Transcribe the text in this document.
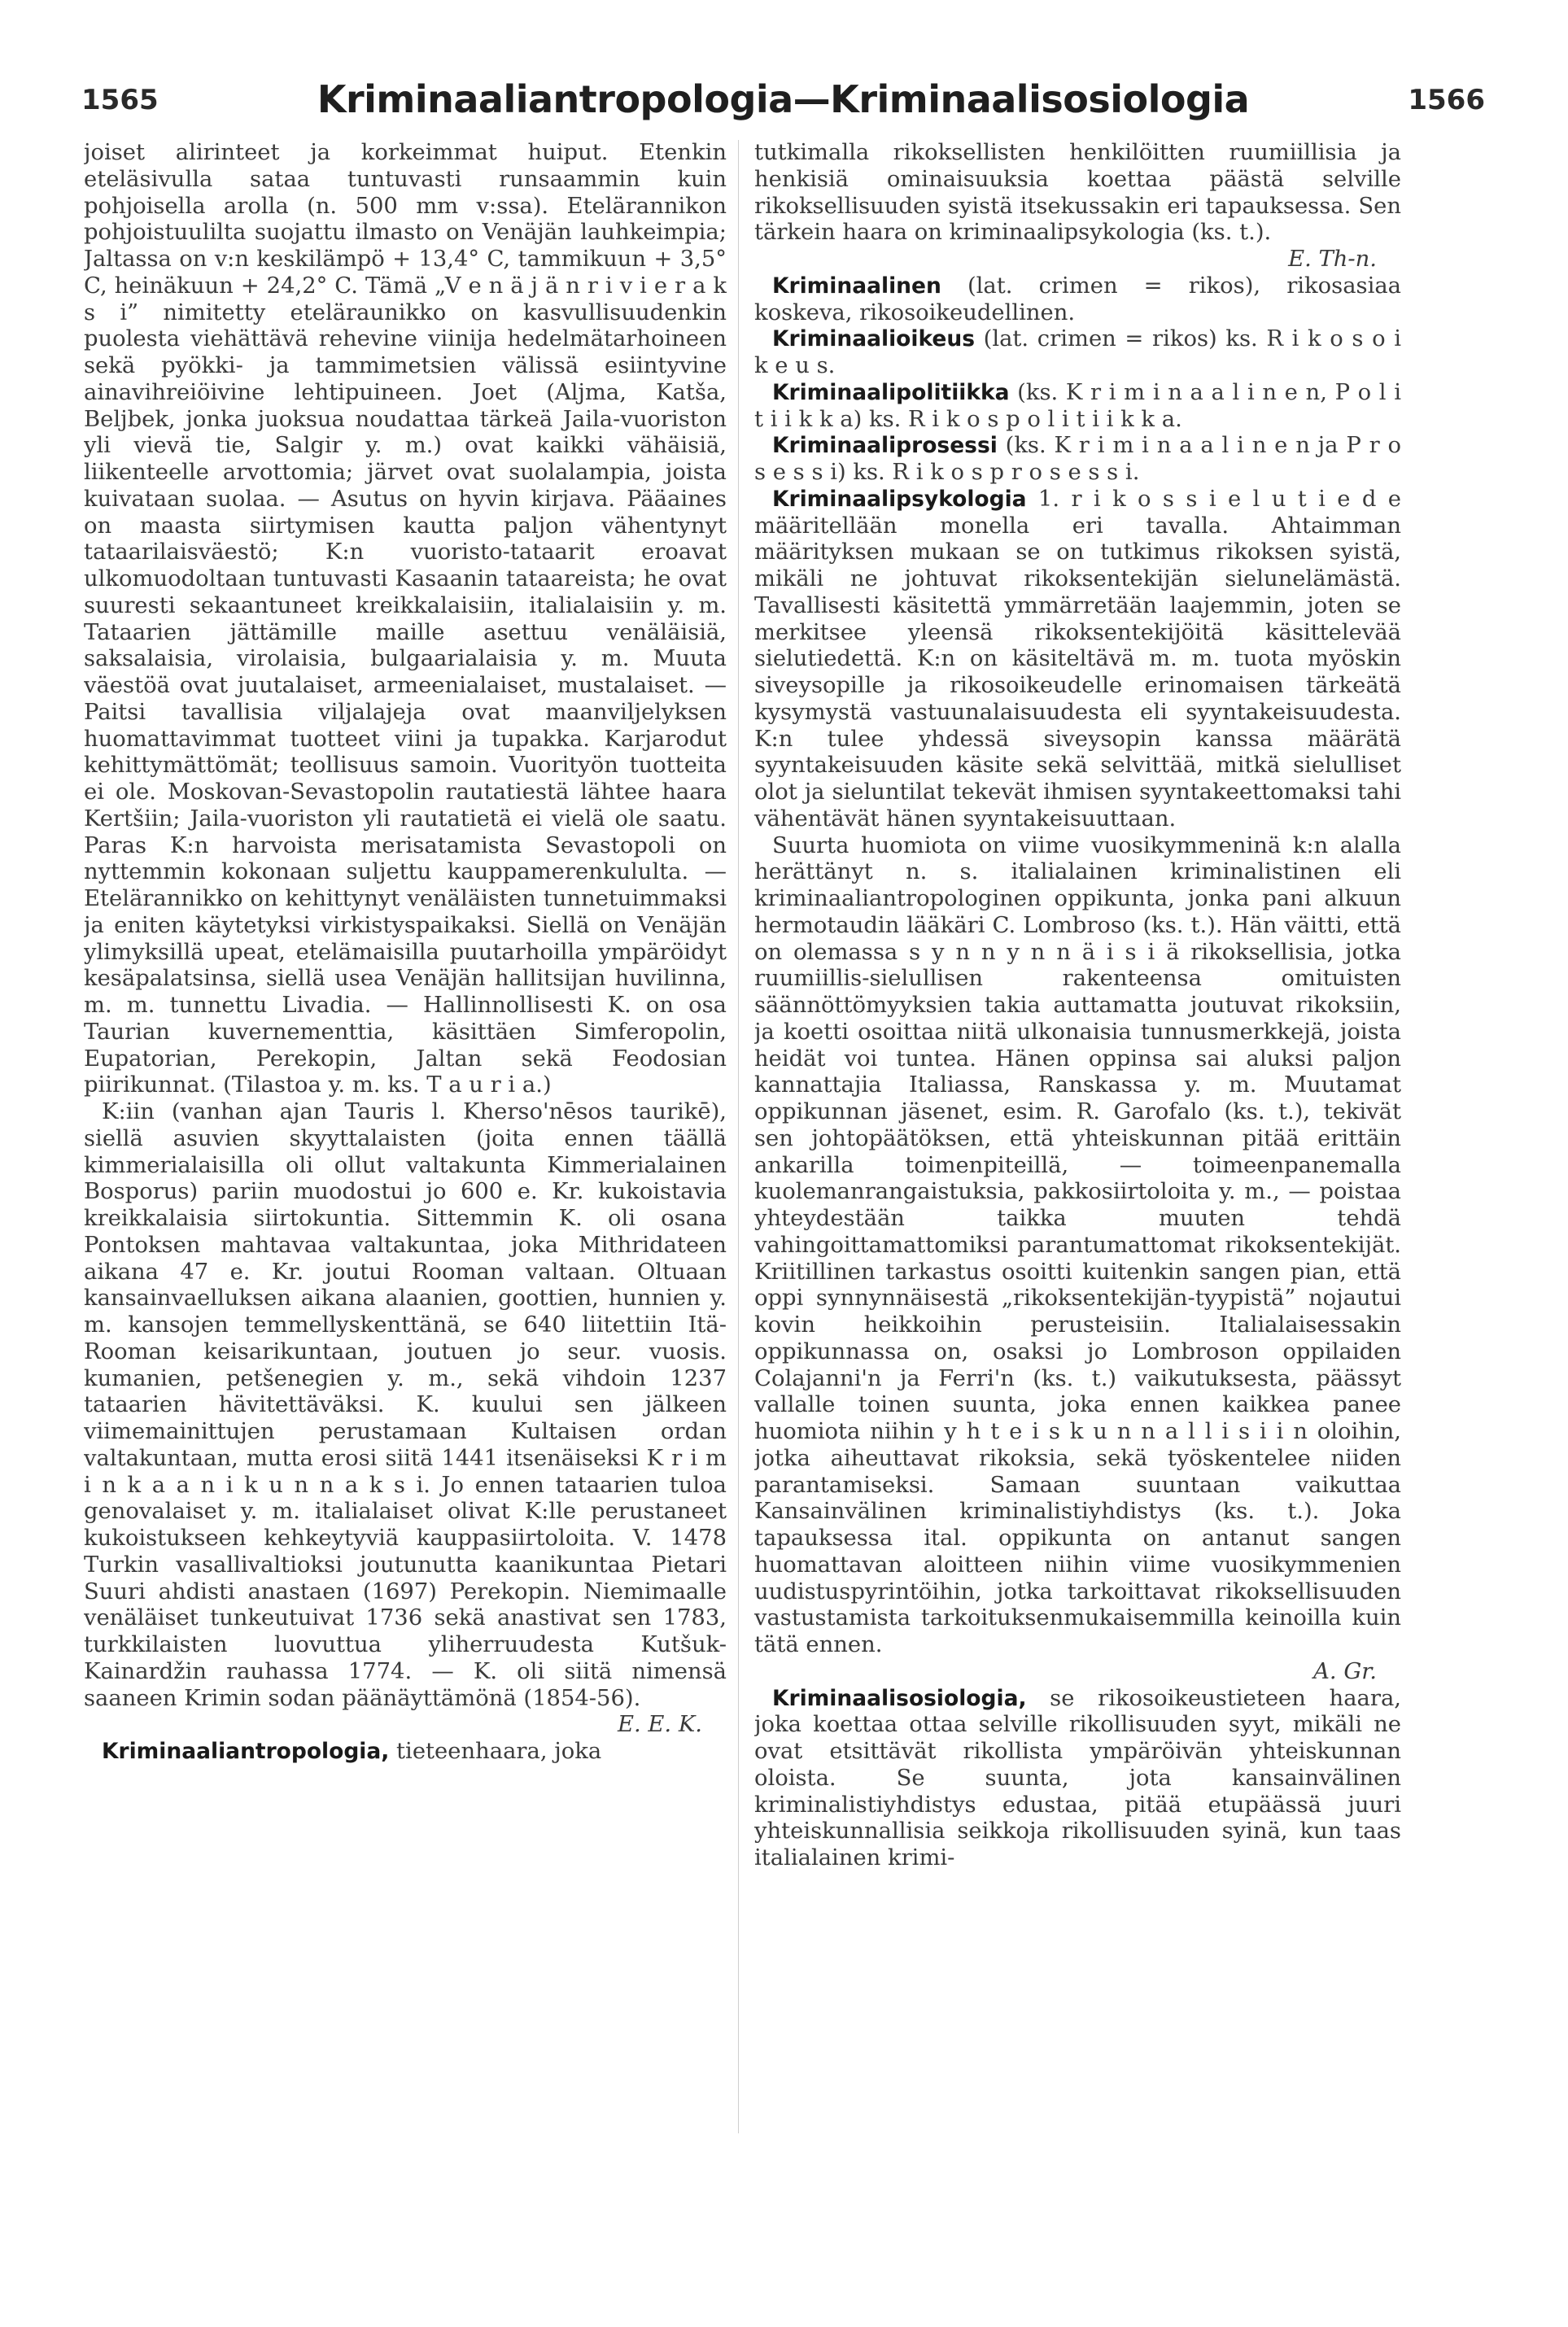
1565	Kriminaaliantropologia—Kriminaalisosiologia	1566

joiset alirinteet ja korkeimmat huiput. Etenkin eteläsivulla sataa tuntuvasti runsaammin kuin pohjoisella arolla (n. 500 mm v:ssa). Etelärannikon pohjoistuulilta suojattu ilmasto on Venäjän lauhkeimpia; Jaltassa on v:n keskilämpö + 13,4° C, tammikuun + 3,5° C, heinäkuun + 24,2° C. Tämä „V e n ä j ä n r i v i e r a k s i” nimitetty eteläraunikko on kasvullisuudenkin puolesta viehättävä rehevine viinija hedelmätarhoineen sekä pyökki- ja tammimetsien välissä esiintyvine ainavihreiöivine lehtipuineen. Joet (Aljma, Katša, Beljbek, jonka juoksua noudattaa tärkeä Jaila-vuoriston yli vievä tie, Salgir y. m.) ovat kaikki vähäisiä, liikenteelle arvottomia; järvet ovat suolalampia, joista kuivataan suolaa. — Asutus on hyvin kirjava. Pääaines on maasta siirtymisen kautta paljon vähentynyt tataarilaisväestö; K:n vuoristo-tataarit eroavat ulkomuodoltaan tuntuvasti Kasaanin tataareista; he ovat suuresti sekaantuneet kreikkalaisiin, italialaisiin y. m. Tataarien jättämille maille asettuu venäläisiä, saksalaisia, virolaisia, bulgaarialaisia y. m. Muuta väestöä ovat juutalaiset, armeenialaiset, mustalaiset. — Paitsi tavallisia viljalajeja ovat maanviljelyksen huomattavimmat tuotteet viini ja tupakka. Karjarodut kehittymättömät; teollisuus samoin. Vuorityön tuotteita ei ole. Moskovan-Sevastopolin rautatiestä lähtee haara Kertšiin; Jaila-vuoriston yli rautatietä ei vielä ole saatu. Paras K:n harvoista merisatamista Sevastopoli on nyttemmin kokonaan suljettu kauppamerenkululta. — Etelärannikko on kehittynyt venäläisten tunnetuimmaksi ja eniten käytetyksi virkistyspaikaksi. Siellä on Venäjän ylimyksillä upeat, etelämaisilla puutarhoilla ympäröidyt kesäpalatsinsa, siellä usea Venäjän hallitsijan huvilinna, m. m. tunnettu Livadia. — Hallinnollisesti K. on osa Taurian kuvernementtia, käsittäen Simferopolin, Eupatorian, Perekopin, Jaltan sekä Feodosian piirikunnat. (Tilastoa y. m. ks. T a u r i a.)

K:iin (vanhan ajan Tauris l. Kherso'nēsos taurikē), siellä asuvien skyyttalaisten (joita ennen täällä kimmerialaisilla oli ollut valtakunta Kimmerialainen Bosporus) pariin muodostui jo 600 e. Kr. kukoistavia kreikkalaisia siirtokuntia. Sittemmin K. oli osana Pontoksen mahtavaa valtakuntaa, joka Mithridateen aikana 47 e. Kr. joutui Rooman valtaan. Oltuaan kansainvaelluksen aikana alaanien, goottien, hunnien y. m. kansojen temmellyskenttänä, se 640 liitettiin Itä-Rooman keisarikuntaan, joutuen jo seur. vuosis. kumanien, petšenegien y. m., sekä vihdoin 1237 tataarien hävitettäväksi. K. kuului sen jälkeen viimemainittujen perustamaan Kultaisen ordan valtakuntaan, mutta erosi siitä 1441 itsenäiseksi K r i m i n k a a n i k u n n a k s i. Jo ennen tataarien tuloa genovalaiset y. m. italialaiset olivat K:lle perustaneet kukoistukseen kehkeytyviä kauppasiirtoloita. V. 1478 Turkin vasallivaltioksi joutunutta kaanikuntaa Pietari Suuri ahdisti anastaen (1697) Perekopin. Niemimaalle venäläiset tunkeutuivat 1736 sekä anastivat sen 1783, turkkilaisten luovuttua yliherruudesta Kutšuk-Kainardžin rauhassa 1774. — K. oli siitä nimensä saaneen Krimin sodan päänäyttämönä (1854-56).

E. E. K.

Kriminaaliantropologia, tieteenhaara, joka

tutkimalla rikoksellisten henkilöitten ruumiillisia ja henkisiä ominaisuuksia koettaa päästä selville rikoksellisuuden syistä itsekussakin eri tapauksessa. Sen tärkein haara on kriminaalipsykologia (ks. t.).

E. Th-n.

Kriminaalinen (lat. crimen = rikos), rikosasiaa koskeva, rikosoikeudellinen.

Kriminaalioikeus (lat. crimen = rikos) ks. R i k o s o i k e u s.

Kriminaalipolitiikka (ks. K r i m i n a a l i n e n, P o l i t i i k k a) ks. R i k o s p o l i t i i k k a.

Kriminaaliprosessi (ks. K r i m i n a a l i n e n ja P r o s e s s i) ks. R i k o s p r o s e s s i.

Kriminaalipsykologia 1. r i k o s s i e l u t i e d e määritellään monella eri tavalla. Ahtaimman määrityksen mukaan se on tutkimus rikoksen syistä, mikäli ne johtuvat rikoksentekijän sielunelämästä. Tavallisesti käsitettä ymmärretään laajemmin, joten se merkitsee yleensä rikoksentekijöitä käsittelevää sielutiedettä. K:n on käsiteltävä m. m. tuota myöskin siveysopille ja rikosoikeudelle erinomaisen tärkeätä kysymystä vastuunalaisuudesta eli syyntakeisuudesta. K:n tulee yhdessä siveysopin kanssa määrätä syyntakeisuuden käsite sekä selvittää, mitkä sielulliset olot ja sieluntilat tekevät ihmisen syyntakeettomaksi tahi vähentävät hänen syyntakeisuuttaan.

Suurta huomiota on viime vuosikymmeninä k:n alalla herättänyt n. s. italialainen kriminalistinen eli kriminaaliantropologinen oppikunta, jonka pani alkuun hermotaudin lääkäri C. Lombroso (ks. t.). Hän väitti, että on olemassa s y n n y n n ä i s i ä rikoksellisia, jotka ruumiillis-sielullisen rakenteensa omituisten säännöttömyyksien takia auttamatta joutuvat rikoksiin, ja koetti osoittaa niitä ulkonaisia tunnusmerkkejä, joista heidät voi tuntea. Hänen oppinsa sai aluksi paljon kannattajia Italiassa, Ranskassa y. m. Muutamat oppikunnan jäsenet, esim. R. Garofalo (ks. t.), tekivät sen johtopäätöksen, että yhteiskunnan pitää erittäin ankarilla toimenpiteillä, — toimeenpanemalla kuolemanrangaistuksia, pakkosiirtoloita y. m., — poistaa yhteydestään taikka muuten tehdä vahingoittamattomiksi parantumattomat rikoksentekijät. Kriitillinen tarkastus osoitti kuitenkin sangen pian, että oppi synnynnäisestä „rikoksentekijän-tyypistä” nojautui kovin heikkoihin perusteisiin. Italialaisessakin oppikunnassa on, osaksi jo Lombroson oppilaiden Colajanni'n ja Ferri'n (ks. t.) vaikutuksesta, päässyt vallalle toinen suunta, joka ennen kaikkea panee huomiota niihin y h t e i s k u n n a l l i s i i n oloihin, jotka aiheuttavat rikoksia, sekä työskentelee niiden parantamiseksi. Samaan suuntaan vaikuttaa Kansainvälinen kriminalistiyhdistys (ks. t.). Joka tapauksessa ital. oppikunta on antanut sangen huomattavan aloitteen niihin viime vuosikymmenien uudistuspyrintöihin, jotka tarkoittavat rikoksellisuuden vastustamista tarkoituksenmukaisemmilla keinoilla kuin tätä ennen.

A. Gr.

Kriminaalisosiologia, se rikosoikeustieteen haara, joka koettaa ottaa selville rikollisuuden syyt, mikäli ne ovat etsittävät rikollista ympäröivän yhteiskunnan oloista. Se suunta, jota kansainvälinen kriminalistiyhdistys edustaa, pitää etupäässä juuri yhteiskunnallisia seikkoja rikollisuuden syinä, kun taas italialainen krimi-
